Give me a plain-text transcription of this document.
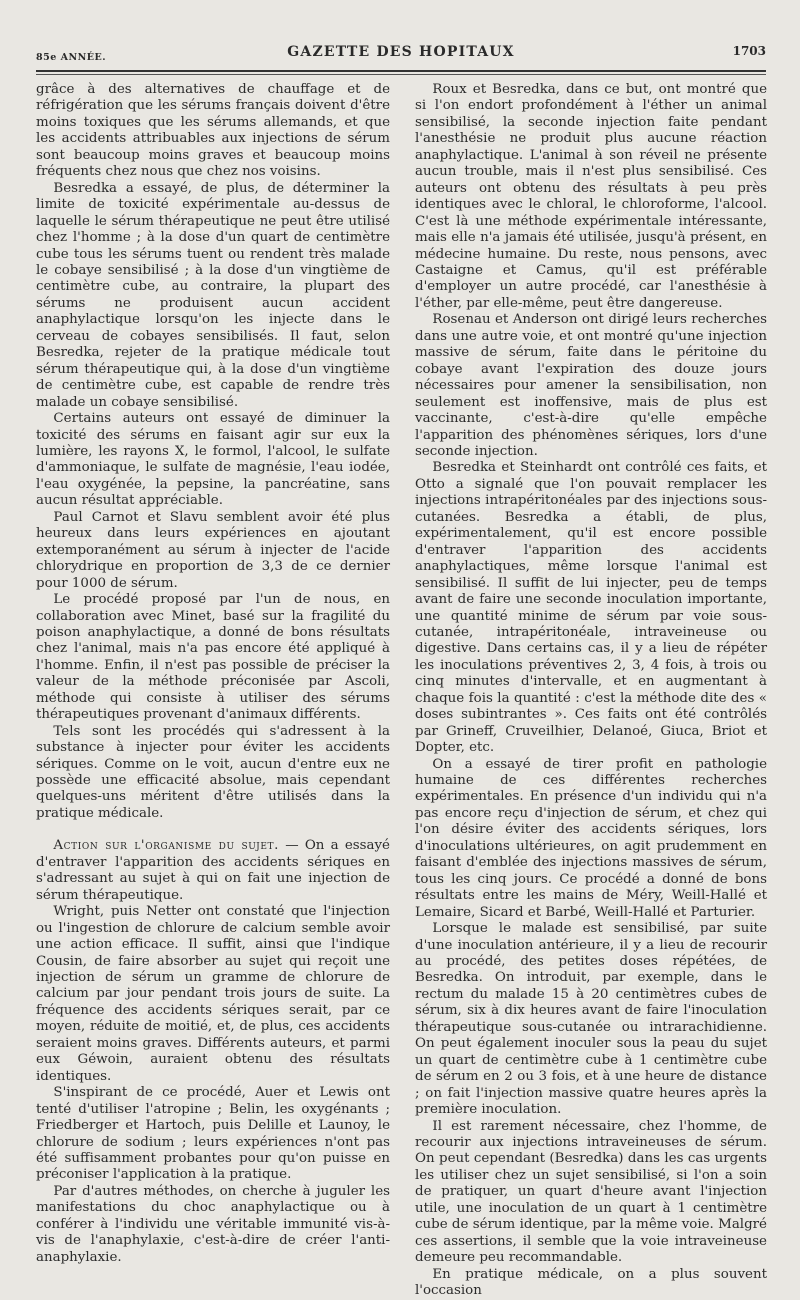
85e ANNÉE.	GAZETTE DES HOPITAUX	1703

grâce à des alternatives de chauffage et de réfrigération que les sérums français doivent d'être moins toxiques que les sérums allemands, et que les accidents attribuables aux injections de sérum sont beaucoup moins graves et beaucoup moins fréquents chez nous que chez nos voisins.

Besredka a essayé, de plus, de déterminer la limite de toxicité expérimentale au-dessus de laquelle le sérum thérapeutique ne peut être utilisé chez l'homme ; à la dose d'un quart de centimètre cube tous les sérums tuent ou rendent très malade le cobaye sensibilisé ; à la dose d'un vingtième de centimètre cube, au contraire, la plupart des sérums ne produisent aucun accident anaphylactique lorsqu'on les injecte dans le cerveau de cobayes sensibilisés. Il faut, selon Besredka, rejeter de la pratique médicale tout sérum thérapeutique qui, à la dose d'un vingtième de centimètre cube, est capable de rendre très malade un cobaye sensibilisé.

Certains auteurs ont essayé de diminuer la toxicité des sérums en faisant agir sur eux la lumière, les rayons X, le formol, l'alcool, le sulfate d'ammoniaque, le sulfate de magnésie, l'eau iodée, l'eau oxygénée, la pepsine, la pancréatine, sans aucun résultat appréciable.

Paul Carnot et Slavu semblent avoir été plus heureux dans leurs expériences en ajoutant extemporanément au sérum à injecter de l'acide chlorydrique en proportion de 3,3 de ce dernier pour 1000 de sérum.

Le procédé proposé par l'un de nous, en collaboration avec Minet, basé sur la fragilité du poison anaphylactique, a donné de bons résultats chez l'animal, mais n'a pas encore été appliqué à l'homme. Enfin, il n'est pas possible de préciser la valeur de la méthode préconisée par Ascoli, méthode qui consiste à utiliser des sérums thérapeutiques provenant d'animaux différents.

Tels sont les procédés qui s'adressent à la substance à injecter pour éviter les accidents sériques. Comme on le voit, aucun d'entre eux ne possède une efficacité absolue, mais cependant quelques-uns méritent d'être utilisés dans la pratique médicale.

Action sur l'organisme du sujet. — On a essayé d'entraver l'apparition des accidents sériques en s'adressant au sujet à qui on fait une injection de sérum thérapeutique.

Wright, puis Netter ont constaté que l'injection ou l'ingestion de chlorure de calcium semble avoir une action efficace. Il suffit, ainsi que l'indique Cousin, de faire absorber au sujet qui reçoit une injection de sérum un gramme de chlorure de calcium par jour pendant trois jours de suite. La fréquence des accidents sériques serait, par ce moyen, réduite de moitié, et, de plus, ces accidents seraient moins graves. Différents auteurs, et parmi eux Géwoin, auraient obtenu des résultats identiques.

S'inspirant de ce procédé, Auer et Lewis ont tenté d'utiliser l'atropine ; Belin, les oxygénants ; Friedberger et Hartoch, puis Delille et Launoy, le chlorure de sodium ; leurs expériences n'ont pas été suffisamment probantes pour qu'on puisse en préconiser l'application à la pratique.

Par d'autres méthodes, on cherche à juguler les manifestations du choc anaphylactique ou à conférer à l'individu une véritable immunité vis-à-vis de l'anaphylaxie, c'est-à-dire de créer l'anti-anaphylaxie.

Roux et Besredka, dans ce but, ont montré que si l'on endort profondément à l'éther un animal sensibilisé, la seconde injection faite pendant l'anesthésie ne produit plus aucune réaction anaphylactique. L'animal à son réveil ne présente aucun trouble, mais il n'est plus sensibilisé. Ces auteurs ont obtenu des résultats à peu près identiques avec le chloral, le chloroforme, l'alcool. C'est là une méthode expérimentale intéressante, mais elle n'a jamais été utilisée, jusqu'à présent, en médecine humaine. Du reste, nous pensons, avec Castaigne et Camus, qu'il est préférable d'employer un autre procédé, car l'anesthésie à l'éther, par elle-même, peut être dangereuse.

Rosenau et Anderson ont dirigé leurs recherches dans une autre voie, et ont montré qu'une injection massive de sérum, faite dans le péritoine du cobaye avant l'expiration des douze jours nécessaires pour amener la sensibilisation, non seulement est inoffensive, mais de plus est vaccinante, c'est-à-dire qu'elle empêche l'apparition des phénomènes sériques, lors d'une seconde injection.

Besredka et Steinhardt ont contrôlé ces faits, et Otto a signalé que l'on pouvait remplacer les injections intrapéritonéales par des injections sous-cutanées. Besredka a établi, de plus, expérimentalement, qu'il est encore possible d'entraver l'apparition des accidents anaphylactiques, même lorsque l'animal est sensibilisé. Il suffit de lui injecter, peu de temps avant de faire une seconde inoculation importante, une quantité minime de sérum par voie sous-cutanée, intrapéritonéale, intraveineuse ou digestive. Dans certains cas, il y a lieu de répéter les inoculations préventives 2, 3, 4 fois, à trois ou cinq minutes d'intervalle, et en augmentant à chaque fois la quantité : c'est la méthode dite des « doses subintrantes ». Ces faits ont été contrôlés par Grineff, Cruveilhier, Delanoé, Giuca, Briot et Dopter, etc.

On a essayé de tirer profit en pathologie humaine de ces différentes recherches expérimentales. En présence d'un individu qui n'a pas encore reçu d'injection de sérum, et chez qui l'on désire éviter des accidents sériques, lors d'inoculations ultérieures, on agit prudemment en faisant d'emblée des injections massives de sérum, tous les cinq jours. Ce procédé a donné de bons résultats entre les mains de Méry, Weill-Hallé et Lemaire, Sicard et Barbé, Weill-Hallé et Parturier.

Lorsque le malade est sensibilisé, par suite d'une inoculation antérieure, il y a lieu de recourir au procédé, des petites doses répétées, de Besredka. On introduit, par exemple, dans le rectum du malade 15 à 20 centimètres cubes de sérum, six à dix heures avant de faire l'inoculation thérapeutique sous-cutanée ou intrarachidienne. On peut également inoculer sous la peau du sujet un quart de centimètre cube à 1 centimètre cube de sérum en 2 ou 3 fois, et à une heure de distance ; on fait l'injection massive quatre heures après la première inoculation.

Il est rarement nécessaire, chez l'homme, de recourir aux injections intraveineuses de sérum. On peut cependant (Besredka) dans les cas urgents les utiliser chez un sujet sensibilisé, si l'on a soin de pratiquer, un quart d'heure avant l'injection utile, une inoculation de un quart à 1 centimètre cube de sérum identique, par la même voie. Malgré ces assertions, il semble que la voie intraveineuse demeure peu recommandable.

En pratique médicale, on a plus souvent l'occasion
